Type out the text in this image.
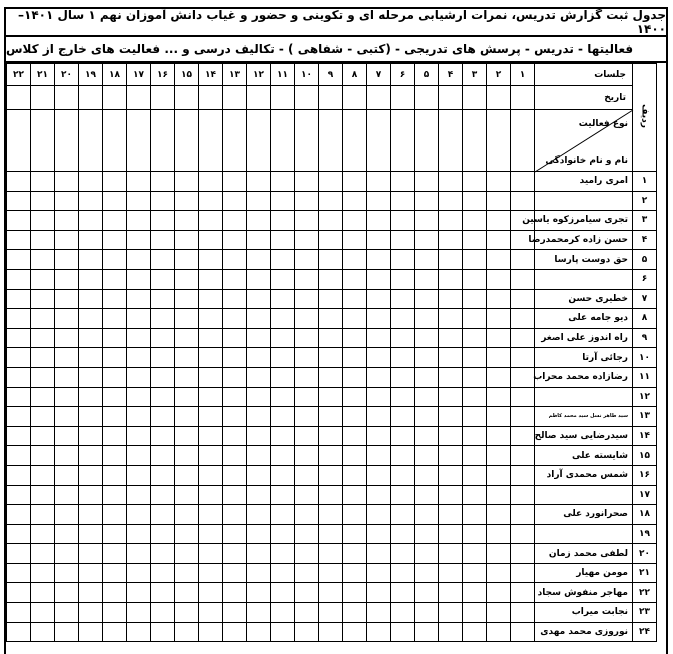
جدول ثبت گزارش تدریس، نمرات ارشیابی مرحله ای و تکوینی و حضور و غیاب دانش آموزان نهم ۱ سال ۱۴۰۱–۱۴۰۰
فعالیتها - تدریس - پرسش های تدریجی - (کتبی - شفاهی ) - تکالیف درسی و ... فعالیت های خارج از کلاس
ردیف	جلسات	۱	۲	۳	۴	۵	۶	۷	۸	۹	۱۰	۱۱	۱۲	۱۳	۱۴	۱۵	۱۶	۱۷	۱۸	۱۹	۲۰	۲۱	۲۲
	تاریخ																						

	نوع فعالیت
نام و نام خانوادگی																						

۱	امری رامید																						
۲																							
۳	تجری سیامرزکوه یاسین																						
۴	حسن زاده کرمحمدرضا																						
۵	حق دوست پارسا																						
۶																							
۷	خطیری حسن																						
۸	دیو جامه علی																						
۹	راه اندوز علی اصغر																						
۱۰	رجائی آرتا																						
۱۱	رضازاده محمد محراب																						
۱۲																							
۱۳	سید طاهر نسل سید محمد کاظم																						
۱۴	سیدرضایی سید صالح																						
۱۵	شایسته علی																						
۱۶	شمس محمدی آراد																						
۱۷																							
۱۸	صحرانورد علی																						
۱۹																							
۲۰	لطفی محمد زمان																						
۲۱	مومن مهیار																						
۲۲	مهاجر منفوش سجاد																						
۲۳	نجابت میراب																						
۲۴	نوروزی محمد مهدی																						
